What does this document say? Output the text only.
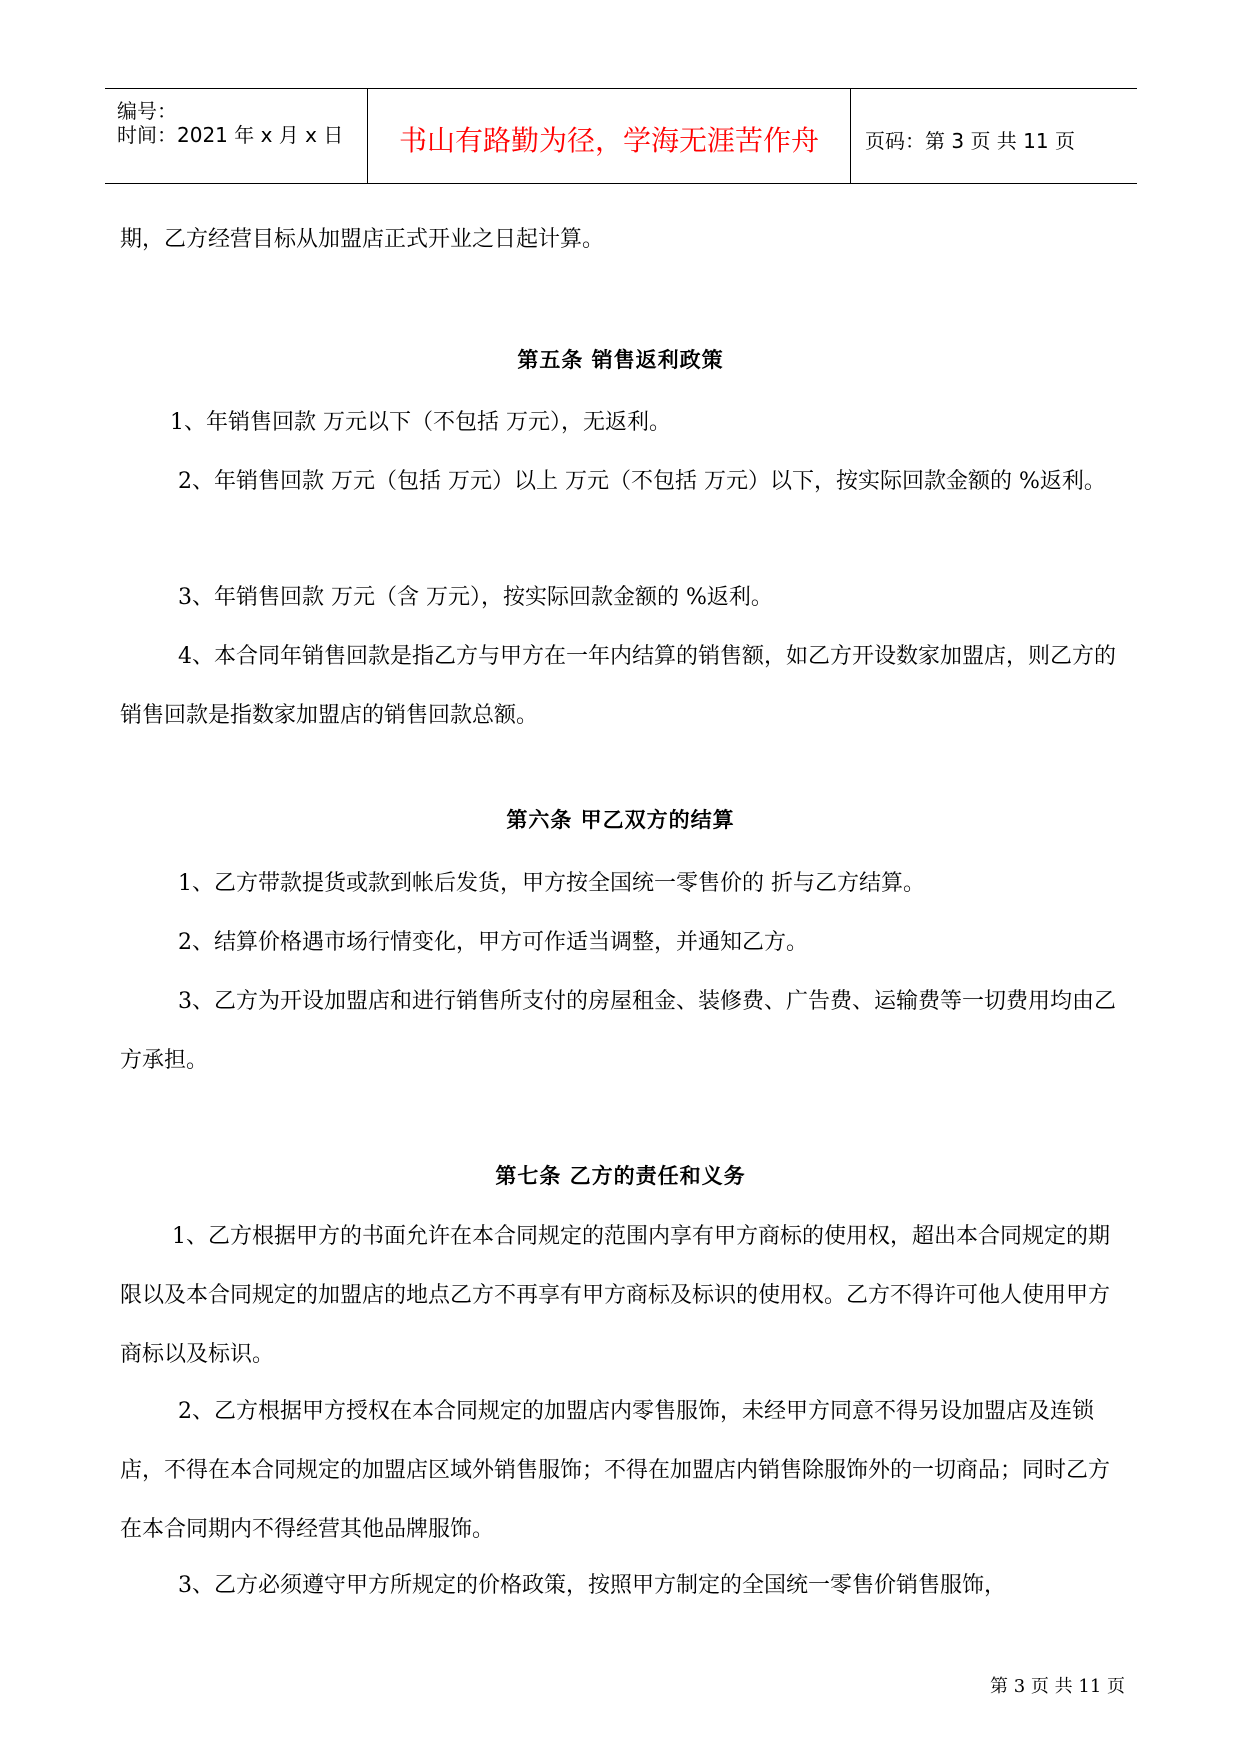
编号：
时间：2021 年 x 月 x 日	书山有路勤为径，学海无涯苦作舟	页码：第 3 页 共 11 页

期，乙方经营目标从加盟店正式开业之日起计算。

第五条 销售返利政策

1、年销售回款 万元以下（不包括 万元），无返利。

2、年销售回款 万元（包括 万元）以上 万元（不包括 万元）以下，按实际回款金额的 %返利。

3、年销售回款 万元（含 万元），按实际回款金额的 %返利。

4、本合同年销售回款是指乙方与甲方在一年内结算的销售额，如乙方开设数家加盟店，则乙方的销售回款是指数家加盟店的销售回款总额。

第六条 甲乙双方的结算

1、乙方带款提货或款到帐后发货，甲方按全国统一零售价的 折与乙方结算。

2、结算价格遇市场行情变化，甲方可作适当调整，并通知乙方。

3、乙方为开设加盟店和进行销售所支付的房屋租金、装修费、广告费、运输费等一切费用均由乙方承担。

第七条 乙方的责任和义务

1、乙方根据甲方的书面允许在本合同规定的范围内享有甲方商标的使用权，超出本合同规定的期限以及本合同规定的加盟店的地点乙方不再享有甲方商标及标识的使用权。乙方不得许可他人使用甲方商标以及标识。

2、乙方根据甲方授权在本合同规定的加盟店内零售服饰，未经甲方同意不得另设加盟店及连锁店，不得在本合同规定的加盟店区域外销售服饰；不得在加盟店内销售除服饰外的一切商品；同时乙方在本合同期内不得经营其他品牌服饰。

3、乙方必须遵守甲方所规定的价格政策，按照甲方制定的全国统一零售价销售服饰，

第 3 页 共 11 页
